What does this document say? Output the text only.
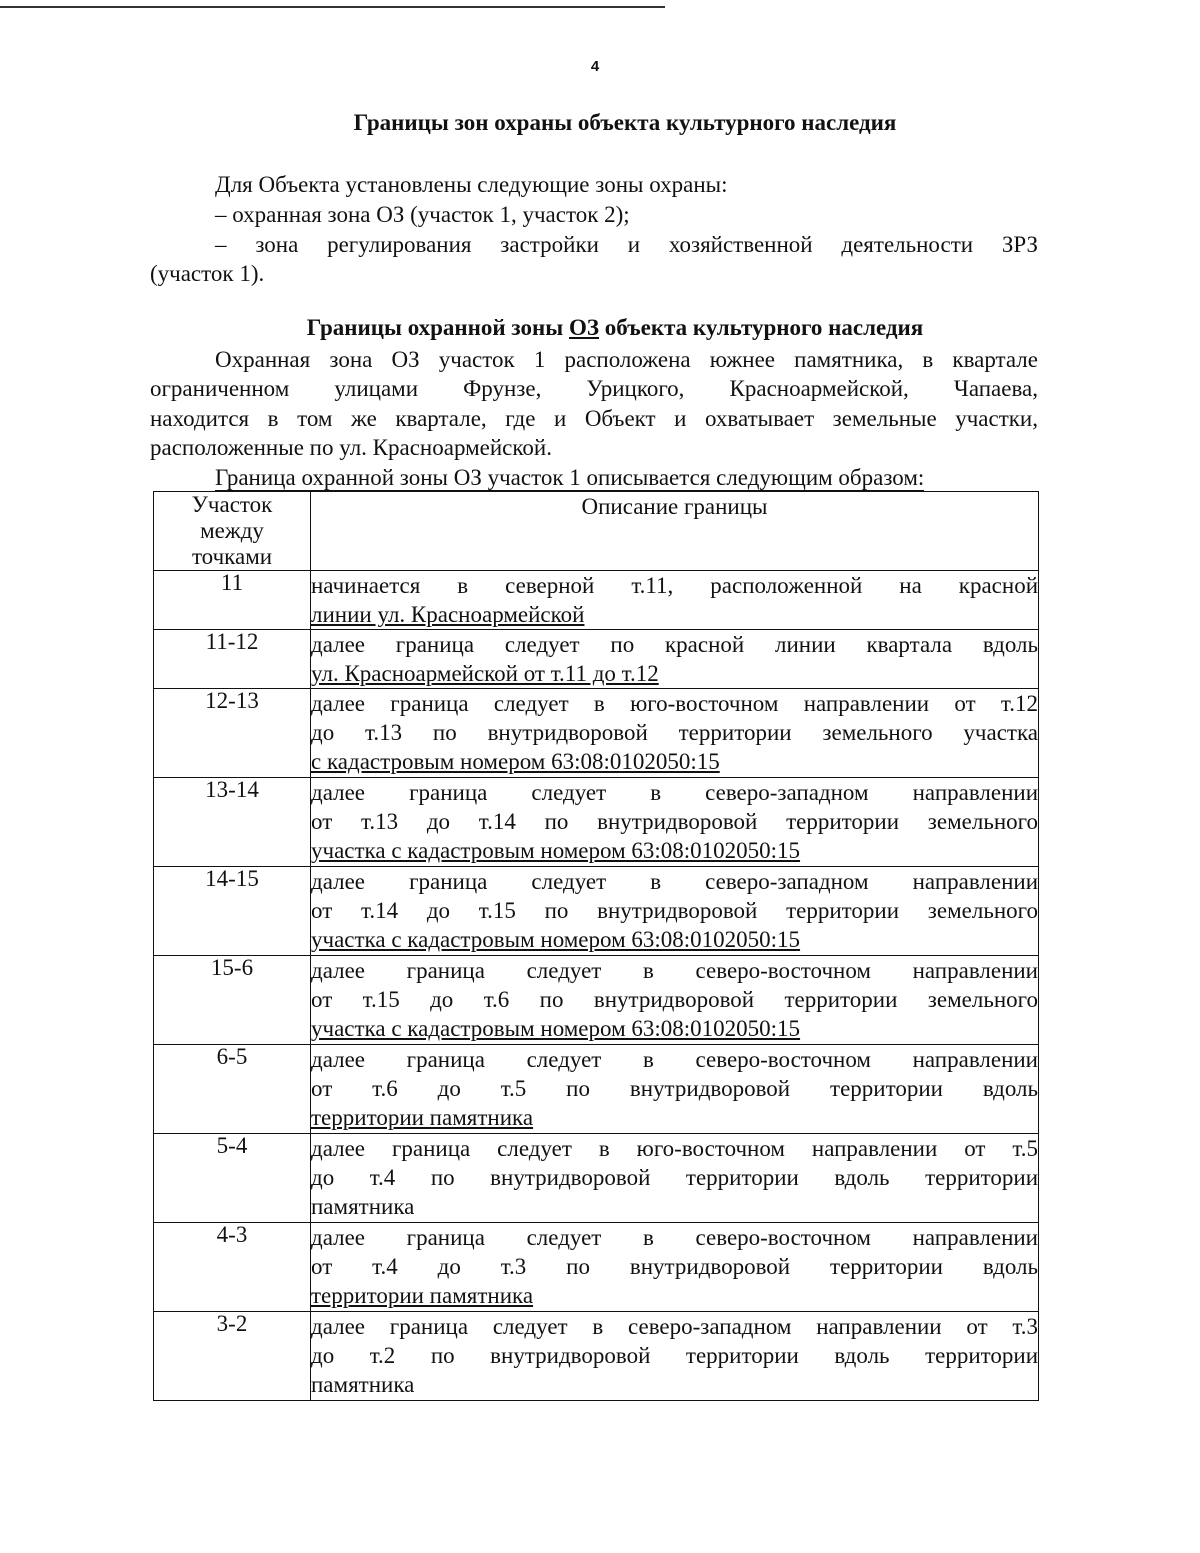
4
Границы зон охраны объекта культурного наследия
Для Объекта установлены следующие зоны охраны:
– охранная зона ОЗ (участок 1, участок 2);
– зона регулирования застройки и хозяйственной деятельности ЗРЗ
(участок 1).
Границы охранной зоны ОЗ объекта культурного наследия
Охранная зона ОЗ участок 1 расположена южнее памятника, в квартале
ограниченном улицами Фрунзе, Урицкого, Красноармейской, Чапаева,
находится в том же квартале, где и Объект и охватывает земельные участки,
расположенные по ул. Красноармейской.
Граница охранной зоны ОЗ участок 1 описывается следующим образом:
Участок
между
точками	Описание границы
11	начинается в северной т.11, расположенной на красной
линии ул. Красноармейской

11-12	далее граница следует по красной линии квартала вдоль
ул. Красноармейской от т.11 до т.12

12-13	далее граница следует в юго-восточном направлении от т.12
до т.13 по внутридворовой территории земельного участка
с кадастровым номером 63:08:0102050:15

13-14	далее граница следует в северо-западном направлении
от т.13 до т.14 по внутридворовой территории земельного
участка с кадастровым номером 63:08:0102050:15

14-15	далее граница следует в северо-западном направлении
от т.14 до т.15 по внутридворовой территории земельного
участка с кадастровым номером 63:08:0102050:15

15-6	далее граница следует в северо-восточном направлении
от т.15 до т.6 по внутридворовой территории земельного
участка с кадастровым номером 63:08:0102050:15

6-5	далее граница следует в северо-восточном направлении
от т.6 до т.5 по внутридворовой территории вдоль
территории памятника

5-4	далее граница следует в юго-восточном направлении от т.5
до т.4 по внутридворовой территории вдоль территории
памятника

4-3	далее граница следует в северо-восточном направлении
от т.4 до т.3 по внутридворовой территории вдоль
территории памятника

3-2	далее граница следует в северо-западном направлении от т.3
до т.2 по внутридворовой территории вдоль территории
памятника
